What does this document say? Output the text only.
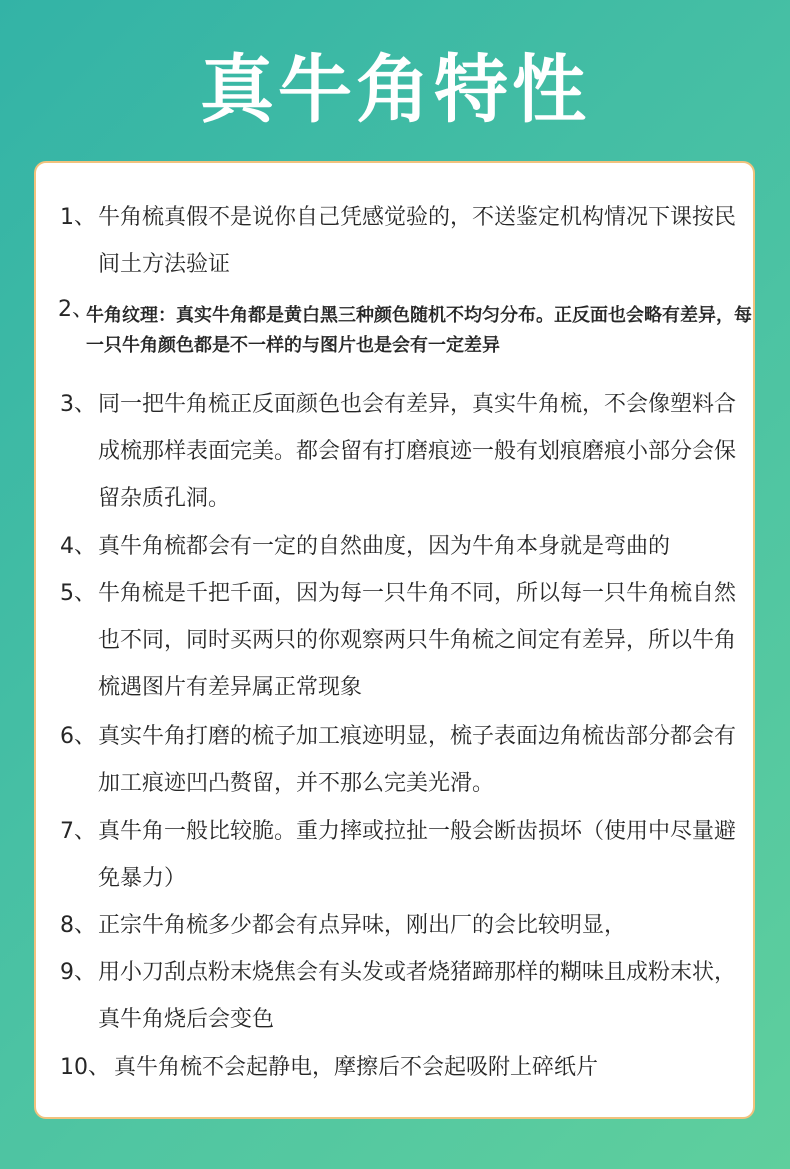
真牛角特性
1、 牛角梳真假不是说你自己凭感觉验的，不送鉴定机构情况下课按民间土方法验证
2、
牛角纹理：真实牛角都是黄白黑三种颜色随机不均匀分布。正反面也会略有差异，每一只牛角颜色都是不一样的与图片也是会有一定差异
3、 同一把牛角梳正反面颜色也会有差异，真实牛角梳，不会像塑料合成梳那样表面完美。都会留有打磨痕迹一般有划痕磨痕小部分会保留杂质孔洞。
4、 真牛角梳都会有一定的自然曲度，因为牛角本身就是弯曲的
5、 牛角梳是千把千面，因为每一只牛角不同，所以每一只牛角梳自然也不同，同时买两只的你观察两只牛角梳之间定有差异，所以牛角梳遇图片有差异属正常现象
6、 真实牛角打磨的梳子加工痕迹明显，梳子表面边角梳齿部分都会有加工痕迹凹凸赘留，并不那么完美光滑。
7、 真牛角一般比较脆。重力摔或拉扯一般会断齿损坏（使用中尽量避免暴力）
8、 正宗牛角梳多少都会有点异味，刚出厂的会比较明显，
9、 用小刀刮点粉末烧焦会有头发或者烧猪蹄那样的糊味且成粉末状，真牛角烧后会变色
10、 真牛角梳不会起静电，摩擦后不会起吸附上碎纸片
